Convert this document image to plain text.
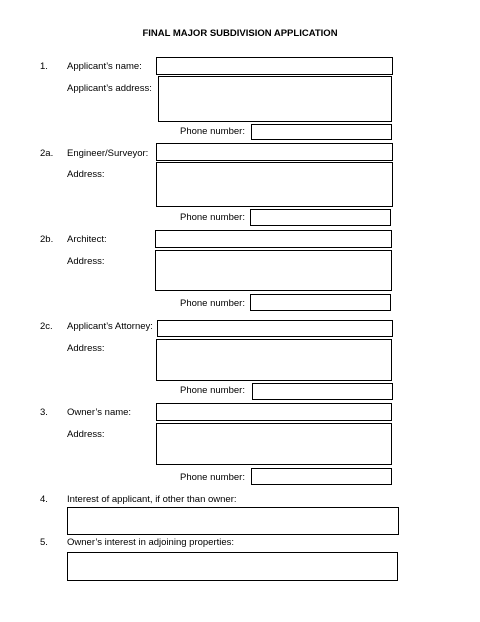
FINAL MAJOR SUBDIVISION APPLICATION
1. Applicant’s name:
Applicant’s address:
Phone number:
2a. Engineer/Surveyor:
Address:
Phone number:
2b. Architect:
Address:
Phone number:
2c. Applicant’s Attorney:
Address:
Phone number:
3. Owner’s name:
Address:
Phone number:
4. Interest of applicant, if other than owner:
5. Owner’s interest in adjoining properties:
